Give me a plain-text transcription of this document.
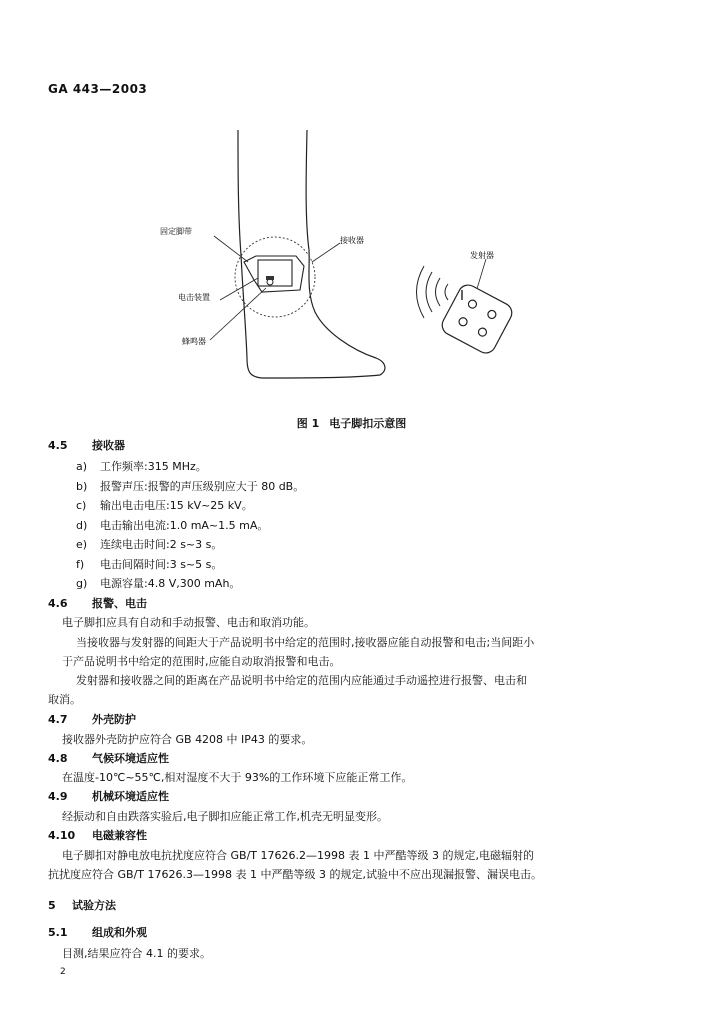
GA 443—2003
固定脚带
接收器
电击装置
蜂鸣器
发射器
图 1 电子脚扣示意图
4.5 接收器
a) 工作频率:315 MHz。
b) 报警声压:报警的声压级别应大于 80 dB。
c) 输出电击电压:15 kV~25 kV。
d) 电击输出电流:1.0 mA~1.5 mA。
e) 连续电击时间:2 s~3 s。
f) 电击间隔时间:3 s~5 s。
g) 电源容量:4.8 V,300 mAh。
4.6 报警、电击
电子脚扣应具有自动和手动报警、电击和取消功能。
当接收器与发射器的间距大于产品说明书中给定的范围时,接收器应能自动报警和电击;当间距小
于产品说明书中给定的范围时,应能自动取消报警和电击。
发射器和接收器之间的距离在产品说明书中给定的范围内应能通过手动遥控进行报警、电击和
取消。
4.7 外壳防护
接收器外壳防护应符合 GB 4208 中 IP43 的要求。
4.8 气候环境适应性
在温度-10℃~55℃,相对湿度不大于 93%的工作环境下应能正常工作。
4.9 机械环境适应性
经振动和自由跌落实验后,电子脚扣应能正常工作,机壳无明显变形。
4.10 电磁兼容性
电子脚扣对静电放电抗扰度应符合 GB/T 17626.2—1998 表 1 中严酷等级 3 的规定,电磁辐射的
抗扰度应符合 GB/T 17626.3—1998 表 1 中严酷等级 3 的规定,试验中不应出现漏报警、漏误电击。
5 试验方法
5.1 组成和外观
目测,结果应符合 4.1 的要求。
2
